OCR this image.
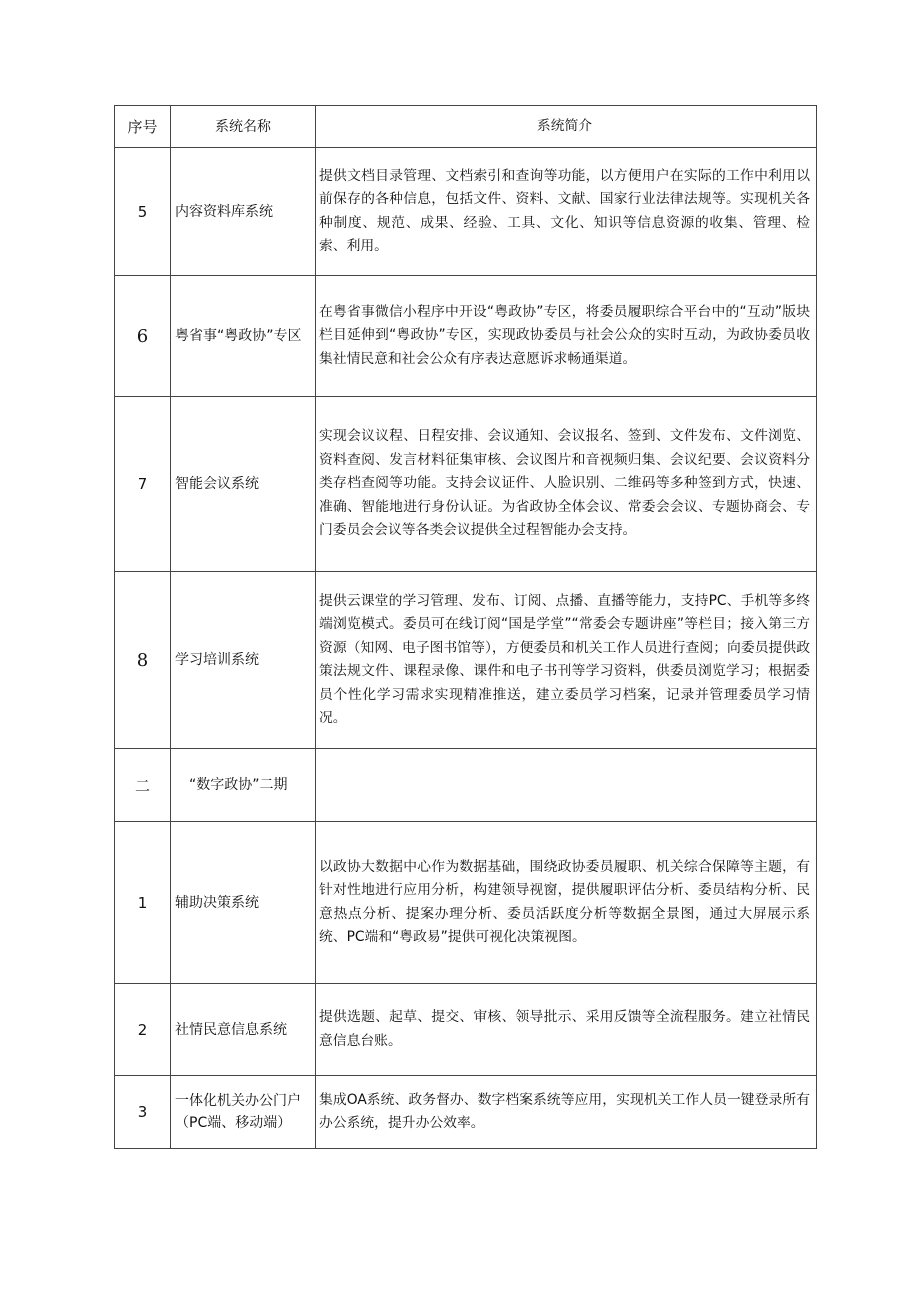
序号	系统名称	系统简介
5	内容资料库系统	提供文档目录管理、文档索引和查询等功能，以方便用户在实际的工作中利用以前保存的各种信息，包括文件、资料、文献、国家行业法律法规等。实现机关各种制度、规范、成果、经验、工具、文化、知识等信息资源的收集、管理、检索、利用。
6	粤省事“粤政协”专区	在粤省事微信小程序中开设“粤政协”专区，将委员履职综合平台中的“互动”版块栏目延伸到“粤政协”专区，实现政协委员与社会公众的实时互动，为政协委员收集社情民意和社会公众有序表达意愿诉求畅通渠道。
7	智能会议系统	实现会议议程、日程安排、会议通知、会议报名、签到、文件发布、文件浏览、资料查阅、发言材料征集审核、会议图片和音视频归集、会议纪要、会议资料分类存档查阅等功能。支持会议证件、人脸识别、二维码等多种签到方式，快速、准确、智能地进行身份认证。为省政协全体会议、常委会会议、专题协商会、专门委员会会议等各类会议提供全过程智能办会支持。
8	学习培训系统	提供云课堂的学习管理、发布、订阅、点播、直播等能力，支持PC、手机等多终端浏览模式。委员可在线订阅“国是学堂”“常委会专题讲座”等栏目；接入第三方资源（知网、电子图书馆等），方便委员和机关工作人员进行查阅；向委员提供政策法规文件、课程录像、课件和电子书刊等学习资料，供委员浏览学习；根据委员个性化学习需求实现精准推送，建立委员学习档案，记录并管理委员学习情况。
二	“数字政协”二期	
1	辅助决策系统	以政协大数据中心作为数据基础，围绕政协委员履职、机关综合保障等主题，有针对性地进行应用分析，构建领导视窗，提供履职评估分析、委员结构分析、民意热点分析、提案办理分析、委员活跃度分析等数据全景图，通过大屏展示系统、PC端和“粤政易”提供可视化决策视图。
2	社情民意信息系统	提供选题、起草、提交、审核、领导批示、采用反馈等全流程服务。建立社情民意信息台账。
3	一体化机关办公门户（PC端、移动端）	集成OA系统、政务督办、数字档案系统等应用，实现机关工作人员一键登录所有办公系统，提升办公效率。
